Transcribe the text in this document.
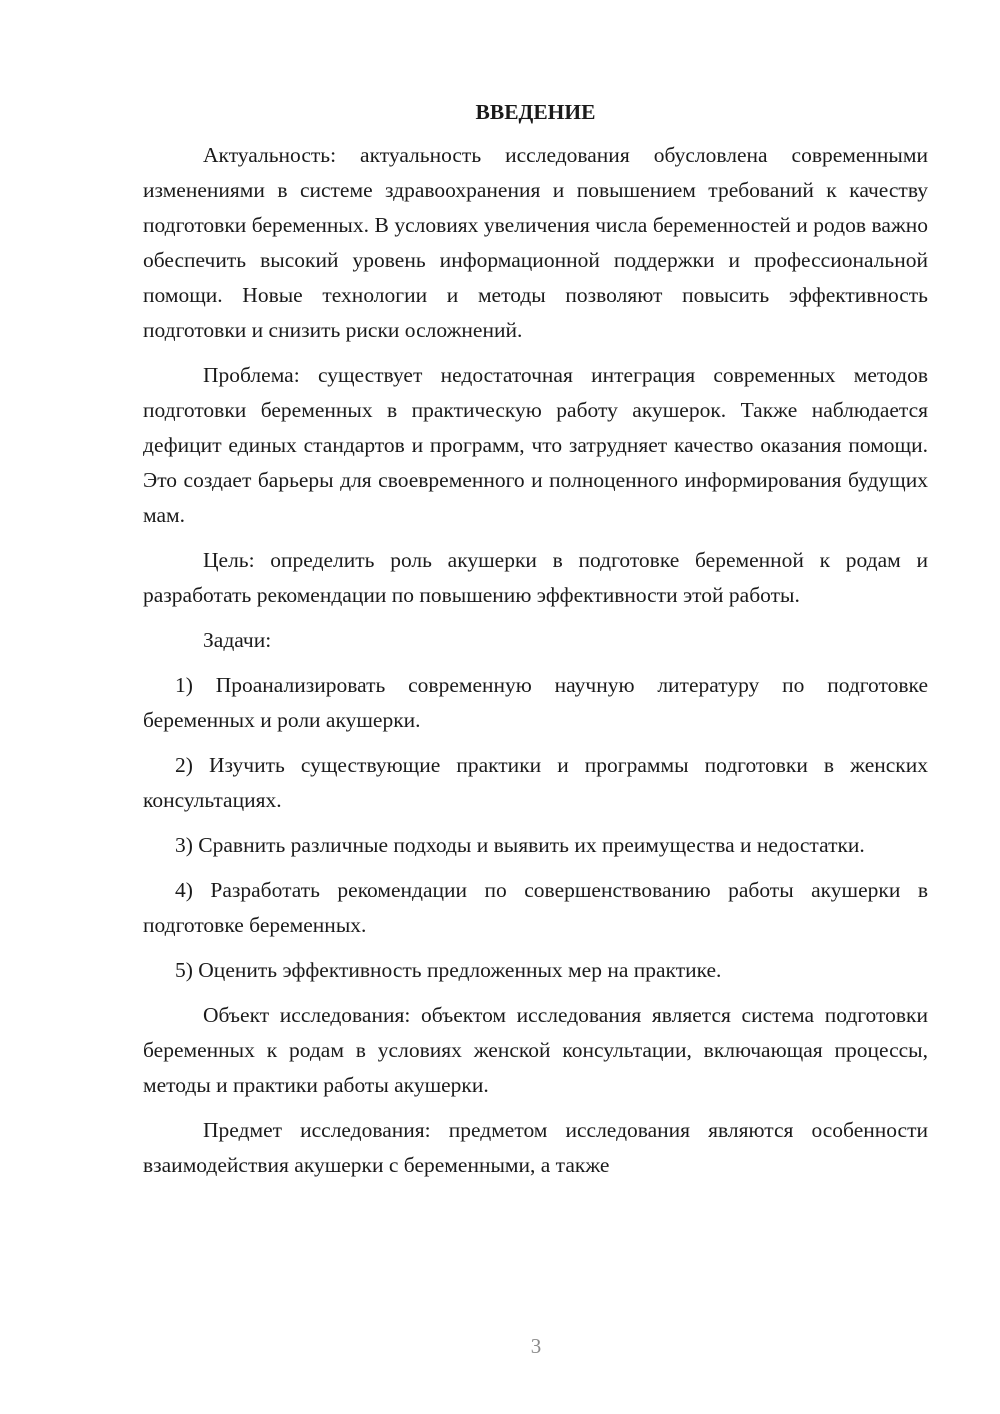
ВВЕДЕНИЕ

Актуальность: актуальность исследования обусловлена современными изменениями в системе здравоохранения и повышением требований к качеству подготовки беременных. В условиях увеличения числа беременностей и родов важно обеспечить высокий уровень информационной поддержки и профессиональной помощи. Новые технологии и методы позволяют повысить эффективность подготовки и снизить риски осложнений.

Проблема: существует недостаточная интеграция современных методов подготовки беременных в практическую работу акушерок. Также наблюдается дефицит единых стандартов и программ, что затрудняет качество оказания помощи. Это создает барьеры для своевременного и полноценного информирования будущих мам.

Цель: определить роль акушерки в подготовке беременной к родам и разработать рекомендации по повышению эффективности этой работы.

Задачи:

1) Проанализировать современную научную литературу по подготовке беременных и роли акушерки.

2) Изучить существующие практики и программы подготовки в женских консультациях.

3) Сравнить различные подходы и выявить их преимущества и недостатки.

4) Разработать рекомендации по совершенствованию работы акушерки в подготовке беременных.

5) Оценить эффективность предложенных мер на практике.

Объект исследования: объектом исследования является система подготовки беременных к родам в условиях женской консультации, включающая процессы, методы и практики работы акушерки.

Предмет исследования: предметом исследования являются особенности взаимодействия акушерки с беременными, а также

3
